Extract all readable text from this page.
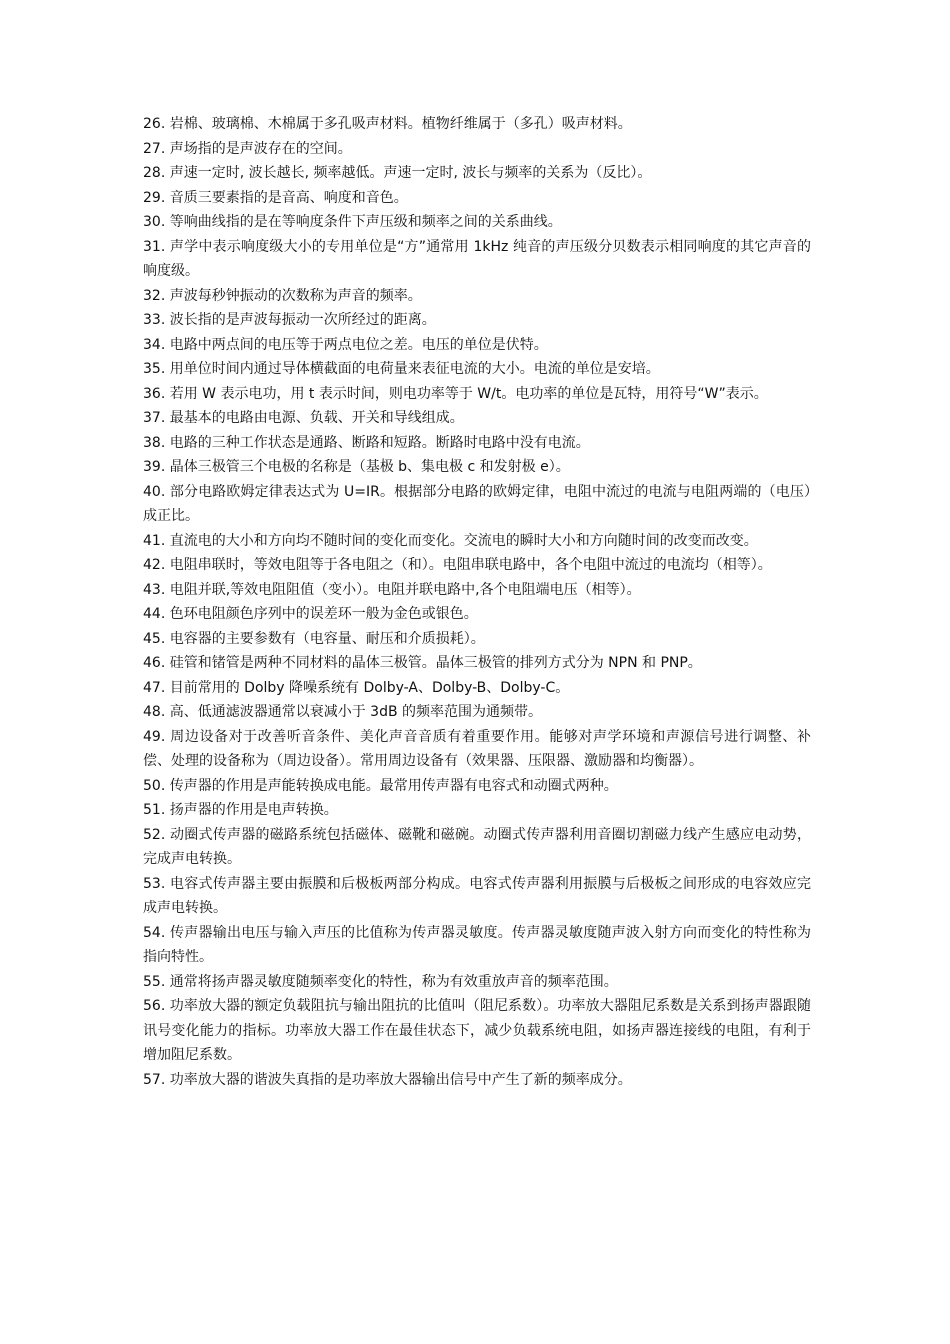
26. 岩棉、玻璃棉、木棉属于多孔吸声材料。植物纤维属于（多孔）吸声材料。

27. 声场指的是声波存在的空间。

28. 声速一定时, 波长越长, 频率越低。声速一定时, 波长与频率的关系为（反比）。

29. 音质三要素指的是音高、响度和音色。

30. 等响曲线指的是在等响度条件下声压级和频率之间的关系曲线。

31. 声学中表示响度级大小的专用单位是“方”通常用 1kHz 纯音的声压级分贝数表示相同响度的其它声音的响度级。

32. 声波每秒钟振动的次数称为声音的频率。

33. 波长指的是声波每振动一次所经过的距离。

34. 电路中两点间的电压等于两点电位之差。电压的单位是伏特。

35. 用单位时间内通过导体横截面的电荷量来表征电流的大小。电流的单位是安培。

36. 若用 W 表示电功，用 t 表示时间，则电功率等于 W/t。电功率的单位是瓦特，用符号“W”表示。

37. 最基本的电路由电源、负载、开关和导线组成。

38. 电路的三种工作状态是通路、断路和短路。断路时电路中没有电流。

39. 晶体三极管三个电极的名称是（基极 b、集电极 c 和发射极 e）。

40. 部分电路欧姆定律表达式为 U=IR。根据部分电路的欧姆定律，电阻中流过的电流与电阻两端的（电压）成正比。

41. 直流电的大小和方向均不随时间的变化而变化。交流电的瞬时大小和方向随时间的改变而改变。

42. 电阻串联时，等效电阻等于各电阻之（和）。电阻串联电路中，各个电阻中流过的电流均（相等）。

43. 电阻并联,等效电阻阻值（变小）。电阻并联电路中,各个电阻端电压（相等）。

44. 色环电阻颜色序列中的误差环一般为金色或银色。

45. 电容器的主要参数有（电容量、耐压和介质损耗）。

46. 硅管和锗管是两种不同材料的晶体三极管。晶体三极管的排列方式分为 NPN 和 PNP。

47. 目前常用的 Dolby 降噪系统有 Dolby-A、Dolby-B、Dolby-C。

48. 高、低通滤波器通常以衰减小于 3dB 的频率范围为通频带。

49. 周边设备对于改善听音条件、美化声音音质有着重要作用。能够对声学环境和声源信号进行调整、补偿、处理的设备称为（周边设备）。常用周边设备有（效果器、压限器、激励器和均衡器）。

50. 传声器的作用是声能转换成电能。最常用传声器有电容式和动圈式两种。

51. 扬声器的作用是电声转换。

52. 动圈式传声器的磁路系统包括磁体、磁靴和磁碗。动圈式传声器利用音圈切割磁力线产生感应电动势，完成声电转换。

53. 电容式传声器主要由振膜和后极板两部分构成。电容式传声器利用振膜与后极板之间形成的电容效应完成声电转换。

54. 传声器输出电压与输入声压的比值称为传声器灵敏度。传声器灵敏度随声波入射方向而变化的特性称为指向特性。

55. 通常将扬声器灵敏度随频率变化的特性，称为有效重放声音的频率范围。

56. 功率放大器的额定负载阻抗与输出阻抗的比值叫（阻尼系数）。功率放大器阻尼系数是关系到扬声器跟随讯号变化能力的指标。功率放大器工作在最佳状态下，减少负载系统电阻，如扬声器连接线的电阻，有利于增加阻尼系数。

57. 功率放大器的谐波失真指的是功率放大器输出信号中产生了新的频率成分。
